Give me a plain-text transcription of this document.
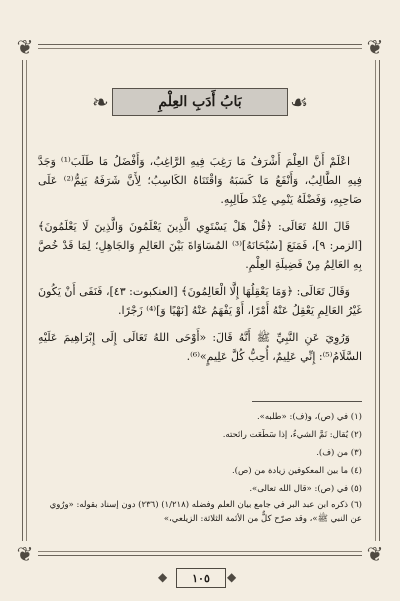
❦	❦
❦	❦
❧	بَابُ أَدَبِ العِلْمِ	☙

اعْلَمْ أَنَّ العِلْمَ أَشْرَفُ مَا رَغِبَ فِيهِ الرَّاغِبُ، وَأَفْضَلُ مَا طَلَبَ⁽¹⁾ وَجَدَّ فِيهِ الطَّالِبُ، وَأَنْفَعُ مَا كَسَبَهُ وَاقْتَنَاهُ الكَاسِبُ؛ لِأَنَّ شَرَفَهُ يَنِمُّ⁽²⁾ عَلَى صَاحِبِهِ، وَفَضْلَهُ يَنْمِي عِنْدَ طَالِبِهِ.

قَالَ اللهُ تَعَالَى: ﴿قُلْ هَلْ يَسْتَوِي الَّذِينَ يَعْلَمُونَ وَالَّذِينَ لَا يَعْلَمُونَ﴾ [الزمر: ٩]، فَمَنَعَ [سُبْحَانَهُ]⁽³⁾ المُسَاوَاةَ بَيْنَ العَالِمِ وَالجَاهِلِ؛ لِمَا قَدْ خُصَّ بِهِ العَالِمُ مِنْ فَضِيلَةِ العِلْمِ.

وَقَالَ تَعَالَى: ﴿وَمَا يَعْقِلُهَا إِلَّا الْعَالِمُونَ﴾ [العنكبوت: ٤٣]، فَنَفَى أَنْ يَكُونَ غَيْرُ العَالِمِ يَعْقِلُ عَنْهُ أَمْرًا، أَوْ يَفْهَمُ عَنْهُ [نَهْيًا وَ]⁽⁴⁾ زَجْرًا.

وَرُوِيَ عَنِ النَّبِيِّ ﷺ أَنَّهُ قَالَ: «أَوْحَى اللهُ تَعَالَى إِلَى إِبْرَاهِيمَ عَلَيْهِ السَّلَامُ⁽⁵⁾: إِنِّي عَلِيمٌ، أُحِبُّ كُلَّ عَلِيمٍ»⁽⁶⁾.

(١) في (ص)، و(ف): «طلبه».
(٢) يُقال: نَمَّ الشيءُ، إذا سَطَعَت رائحته.
(٣) من (ف).
(٤) ما بين المعكوفين زيادة من (ص).
(٥) في (ص): «قال الله تعالى».
(٦) ذكره ابن عبد البر في جامع بيان العلم وفضله (١/٢١٨) (٢٣٦) دون إسناد بقوله: «ورُوي عن النبي ﷺ»، وقد صرّح كلٌّ من الأئمة الثلاثة: الزيلعي،»
◆	١٠٥	◆
